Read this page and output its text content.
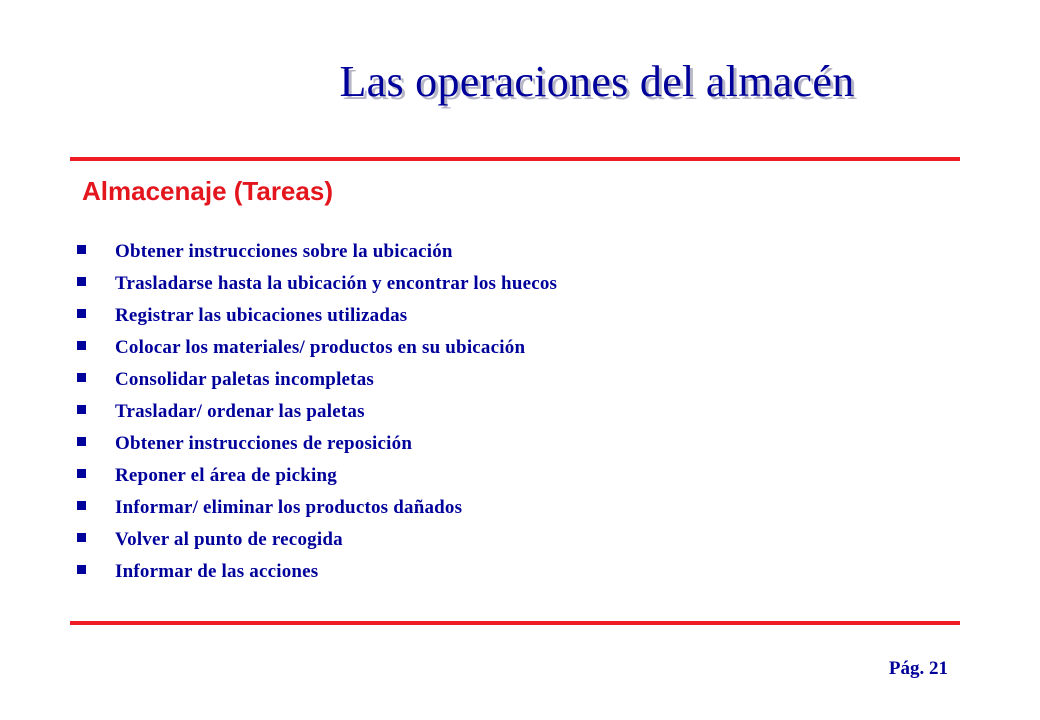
Las operaciones del almacén
Almacenaje (Tareas)
Obtener instrucciones sobre la ubicación
Trasladarse hasta la ubicación y encontrar los huecos
Registrar las ubicaciones utilizadas
Colocar los materiales/ productos en su ubicación
Consolidar paletas incompletas
Trasladar/ ordenar las paletas
Obtener instrucciones de reposición
Reponer el área de picking
Informar/ eliminar los productos dañados
Volver al punto de recogida
Informar de las acciones
Pág. 21
